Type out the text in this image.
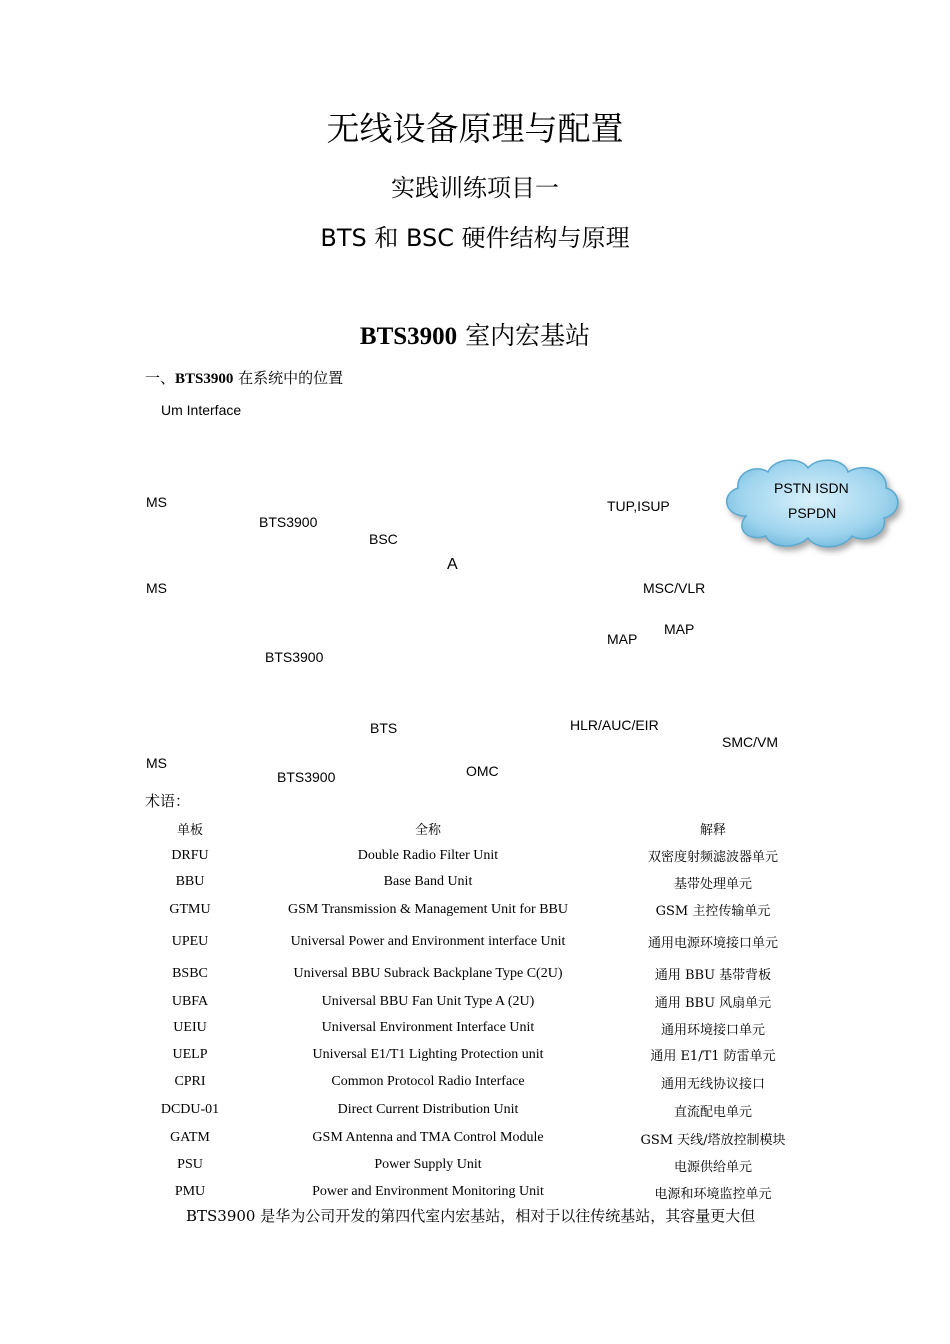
无线设备原理与配置
实践训练项目一
BTS 和 BSC 硬件结构与原理
BTS3900 室内宏基站
一、BTS3900 在系统中的位置
Um Interface
MS
BTS3900
BSC
A
MS
TUP,ISUP
MSC/VLR
MAP
MAP
BTS3900
HLR/AUC/EIR
BTS
SMC/VM
MS	OMC
BTS3900
PSTN ISDN
PSPDN
术语：
单板	全称	解释
DRFU	Double Radio Filter Unit	双密度射频滤波器单元
BBU	Base Band Unit	基带处理单元
GTMU	GSM Transmission & Management Unit for BBU	GSM 主控传输单元
UPEU	Universal Power and Environment interface Unit	通用电源环境接口单元
BSBC	Universal BBU Subrack Backplane Type C(2U)	通用 BBU 基带背板
UBFA	Universal BBU Fan Unit Type A (2U)	通用 BBU 风扇单元
UEIU	Universal Environment Interface Unit	通用环境接口单元
UELP	Universal E1/T1 Lighting Protection unit	通用 E1/T1 防雷单元
CPRI	Common Protocol Radio Interface	通用无线协议接口
DCDU-01	Direct Current Distribution Unit	直流配电单元
GATM	GSM Antenna and TMA Control Module	GSM 天线/塔放控制模块
PSU	Power Supply Unit	电源供给单元
PMU	Power and Environment Monitoring Unit	电源和环境监控单元
BTS3900 是华为公司开发的第四代室内宏基站，相对于以往传统基站，其容量更大但
